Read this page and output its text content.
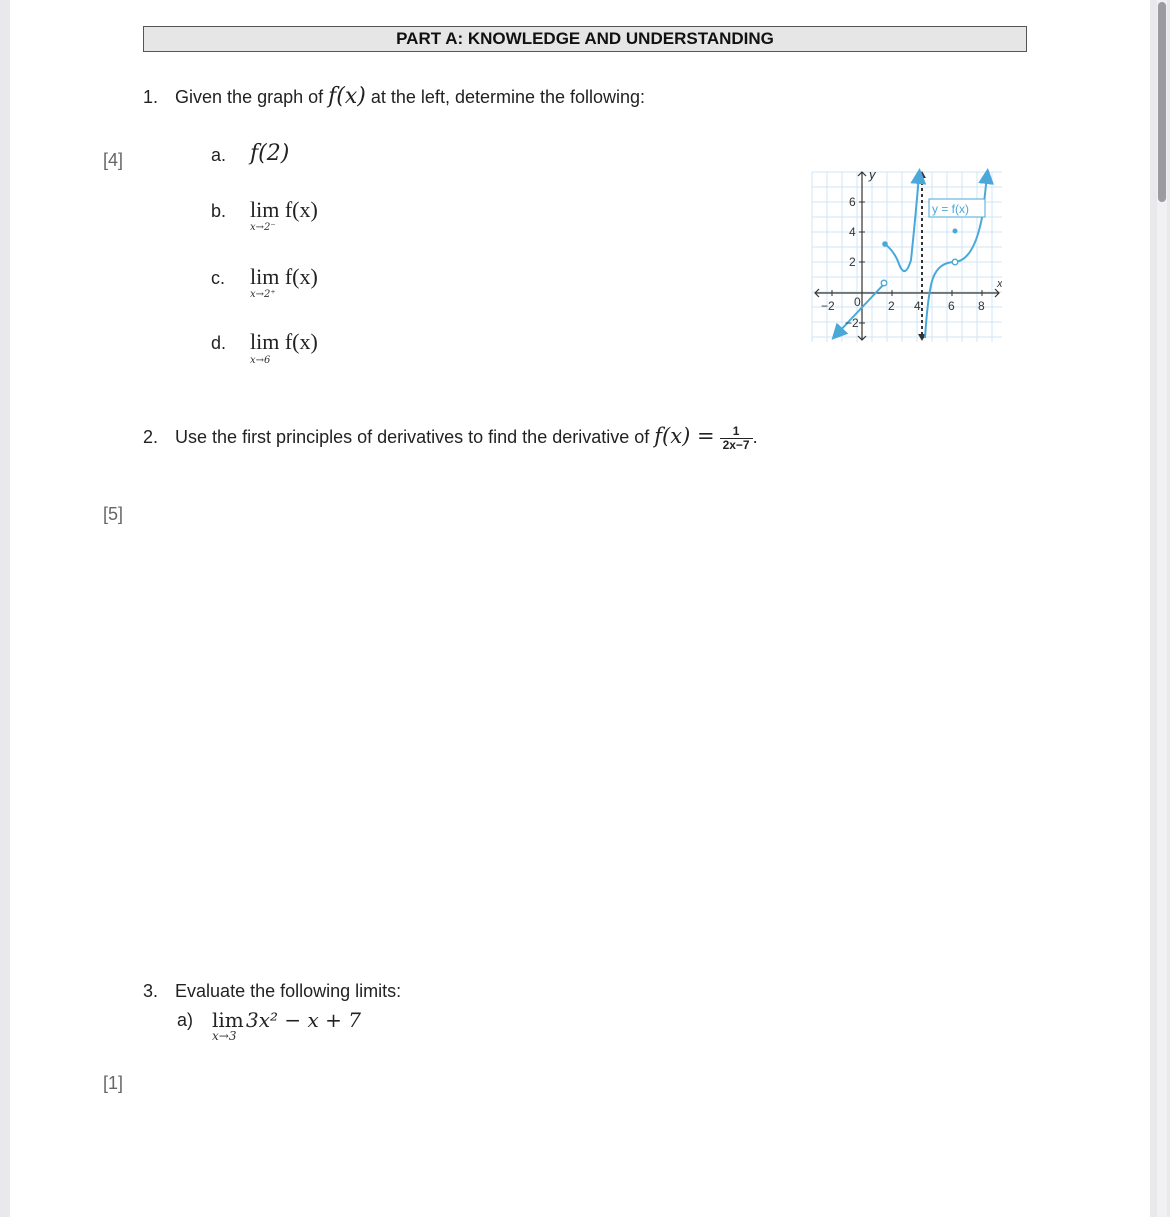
PART A: KNOWLEDGE AND UNDERSTANDING
1. Given the graph of f(x) at the left, determine the following:
[4]	a. f(2)
b. lim f(x)
x→2⁻
c. lim f(x)
x→2⁺
d. lim f(x)
x→6
y = f(x)
y
x
6
4
2
−2
−2 0 2 4 6 8
2. Use the first principles of derivatives to find the derivative of $f(x) = \frac{1}{2x-7}$ .
[5]
3. Evaluate the following limits:
a) lim 3x² − x + 7
x→3
[1]
